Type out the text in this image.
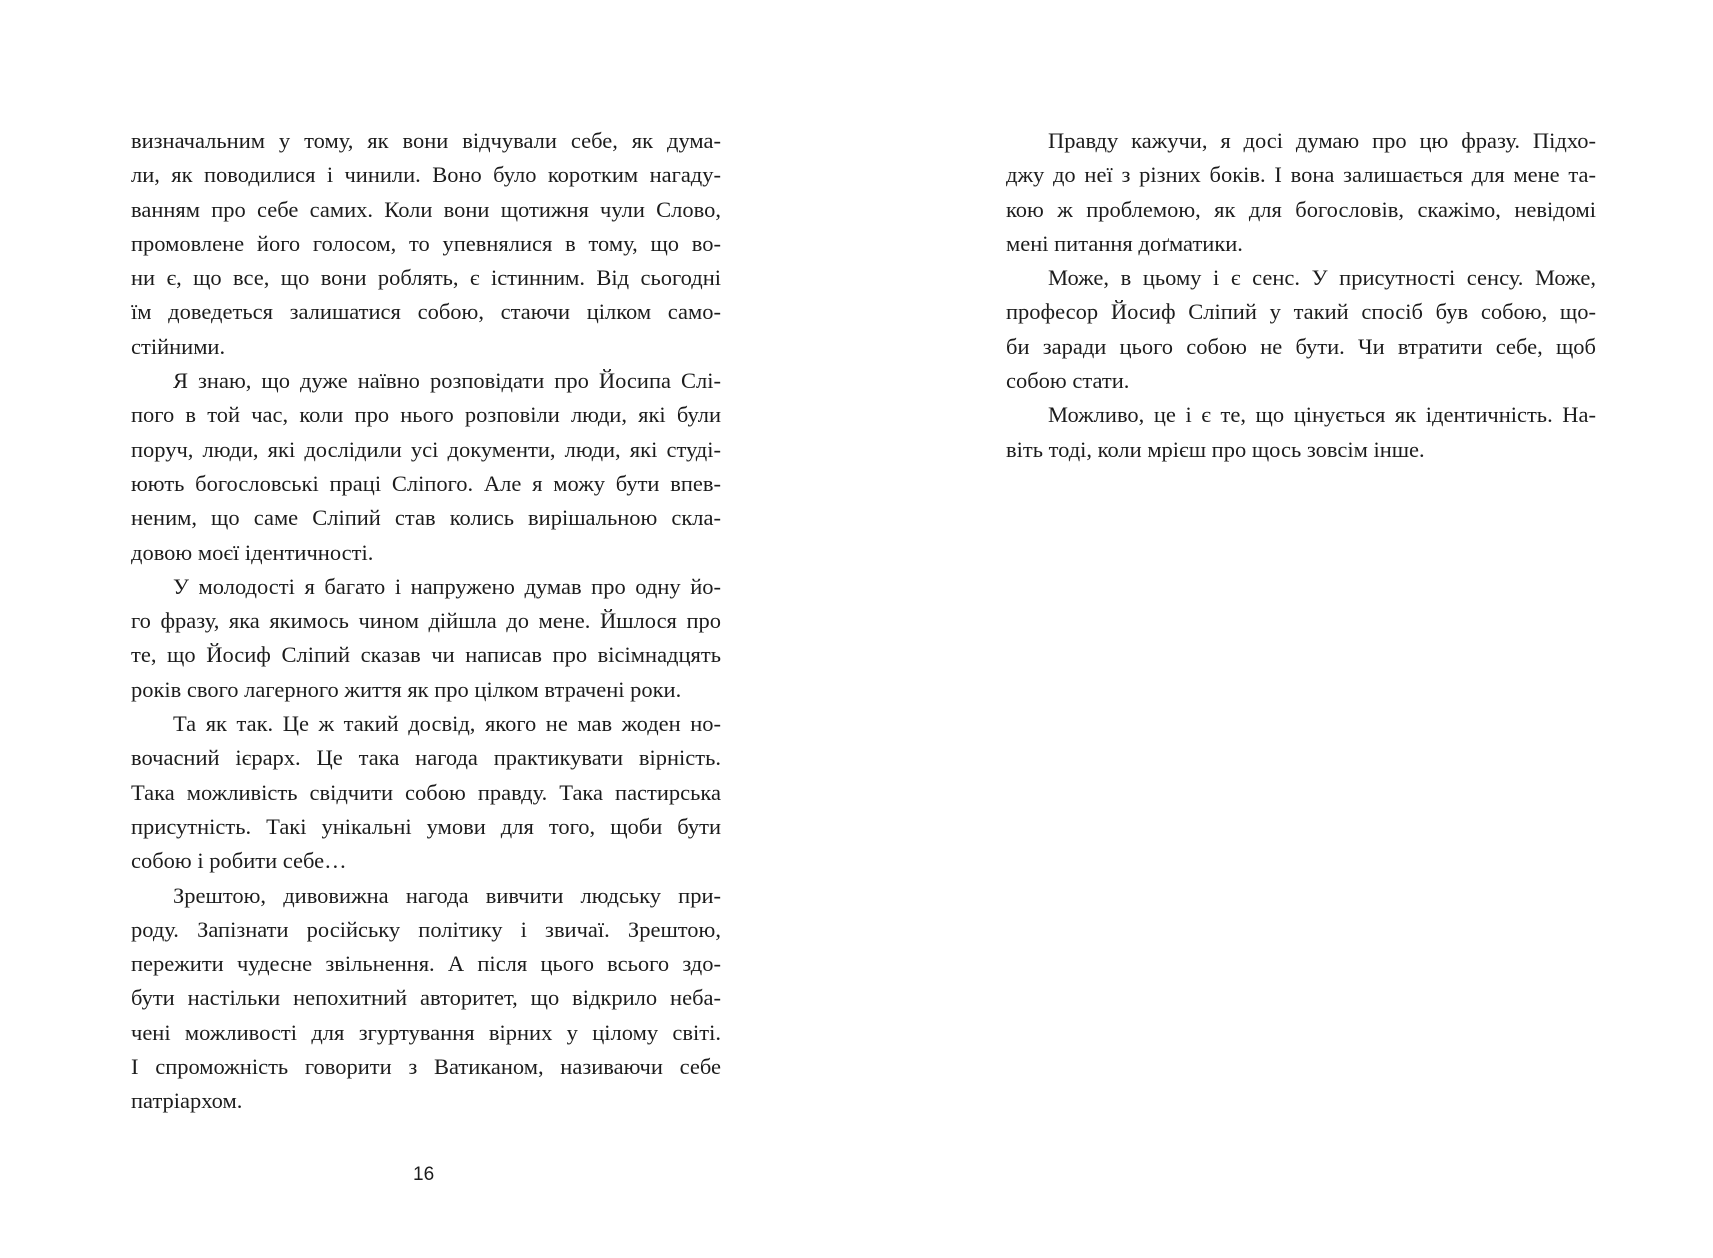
визначальним у тому, як вони відчували себе, як дума-
ли, як поводилися і чинили. Воно було коротким нагаду-
ванням про себе самих. Коли вони щотижня чули Слово,
промовлене його голосом, то упевнялися в тому, що во-
ни є, що все, що вони роблять, є істинним. Від сьогодні
їм доведеться залишатися собою, стаючи цілком само-
стійними.
Я знаю, що дуже наївно розповідати про Йосипа Слі-
пого в той час, коли про нього розповіли люди, які були
поруч, люди, які дослідили усі документи, люди, які студі-
юють богословські праці Сліпого. Але я можу бути впев-
неним, що саме Сліпий став колись вирішальною скла-
довою моєї ідентичності.
У молодості я багато і напружено думав про одну йо-
го фразу, яка якимось чином дійшла до мене. Йшлося про
те, що Йосиф Сліпий сказав чи написав про вісімнадцять
років свого лагерного життя як про цілком втрачені роки.
Та як так. Це ж такий досвід, якого не мав жоден но-
вочасний ієрарх. Це така нагода практикувати вірність.
Така можливість свідчити собою правду. Така пастирська
присутність. Такі унікальні умови для того, щоби бути
собою і робити себе…
Зрештою, дивовижна нагода вивчити людську при-
роду. Запізнати російську політику і звичаї. Зрештою,
пережити чудесне звільнення. А після цього всього здо-
бути настільки непохитний авторитет, що відкрило неба-
чені можливості для згуртування вірних у цілому світі.
І спроможність говорити з Ватиканом, називаючи себе
патріархом.
16
Правду кажучи, я досі думаю про цю фразу. Підхо-
джу до неї з різних боків. І вона залишається для мене та-
кою ж проблемою, як для богословів, скажімо, невідомі
мені питання доґматики.
Може, в цьому і є сенс. У присутності сенсу. Може,
професор Йосиф Сліпий у такий спосіб був собою, що-
би заради цього собою не бути. Чи втратити себе, щоб
собою стати.
Можливо, це і є те, що цінується як ідентичність. На-
віть тоді, коли мрієш про щось зовсім інше.
